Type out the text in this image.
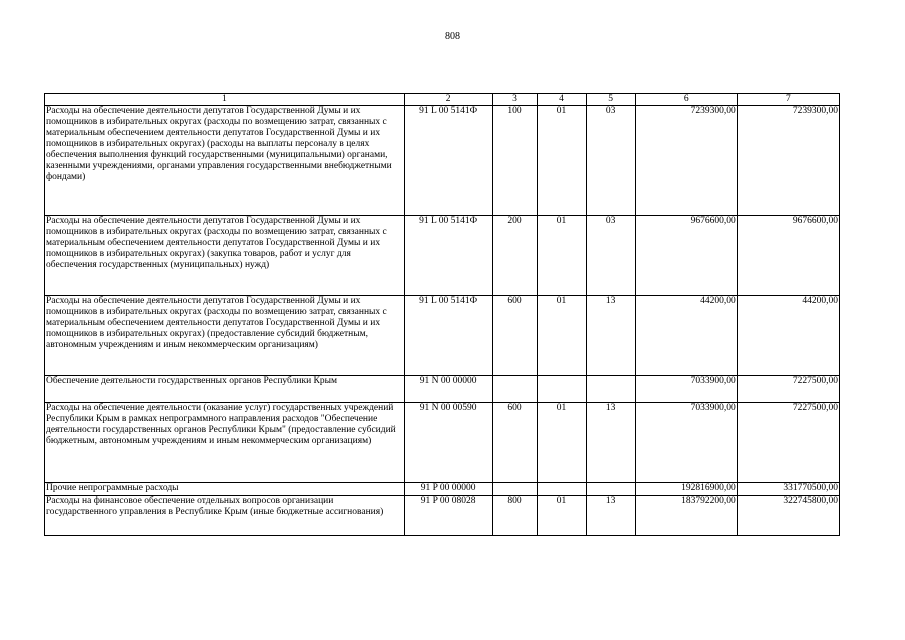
808
1	2	3	4	5	6	7
Расходы на обеспечение деятельности депутатов Государственной Думы и их помощников в избирательных округах (расходы по возмещению затрат, связанных с материальным обеспечением деятельности депутатов Государственной Думы и их помощников в избирательных округах) (расходы на выплаты персоналу в целях обеспечения выполнения функций государственными (муниципальными) органами, казенными учреждениями, органами управления государственными внебюджетными фондами)	91 L 00 5141Ф	100	01	03	7239300,00	7239300,00
Расходы на обеспечение деятельности депутатов Государственной Думы и их помощников в избирательных округах (расходы по возмещению затрат, связанных с материальным обеспечением деятельности депутатов Государственной Думы и их помощников в избирательных округах) (закупка товаров, работ и услуг для обеспечения государственных (муниципальных) нужд)	91 L 00 5141Ф	200	01	03	9676600,00	9676600,00
Расходы на обеспечение деятельности депутатов Государственной Думы и их помощников в избирательных округах (расходы по возмещению затрат, связанных с материальным обеспечением деятельности депутатов Государственной Думы и их помощников в избирательных округах) (предоставление субсидий бюджетным, автономным учреждениям и иным некоммерческим организациям)	91 L 00 5141Ф	600	01	13	44200,00	44200,00
Обеспечение деятельности государственных органов Республики Крым	91 N 00 00000				7033900,00	7227500,00
Расходы на обеспечение деятельности (оказание услуг) государственных учреждений Республики Крым в рамках непрограммного направления расходов "Обеспечение деятельности государственных органов Республики Крым" (предоставление субсидий бюджетным, автономным учреждениям и иным некоммерческим организациям)	91 N 00 00590	600	01	13	7033900,00	7227500,00
Прочие непрограммные расходы	91 P 00 00000				192816900,00	331770500,00
Расходы на финансовое обеспечение отдельных вопросов организации государственного управления в Республике Крым (иные бюджетные ассигнования)	91 P 00 08028	800	01	13	183792200,00	322745800,00
